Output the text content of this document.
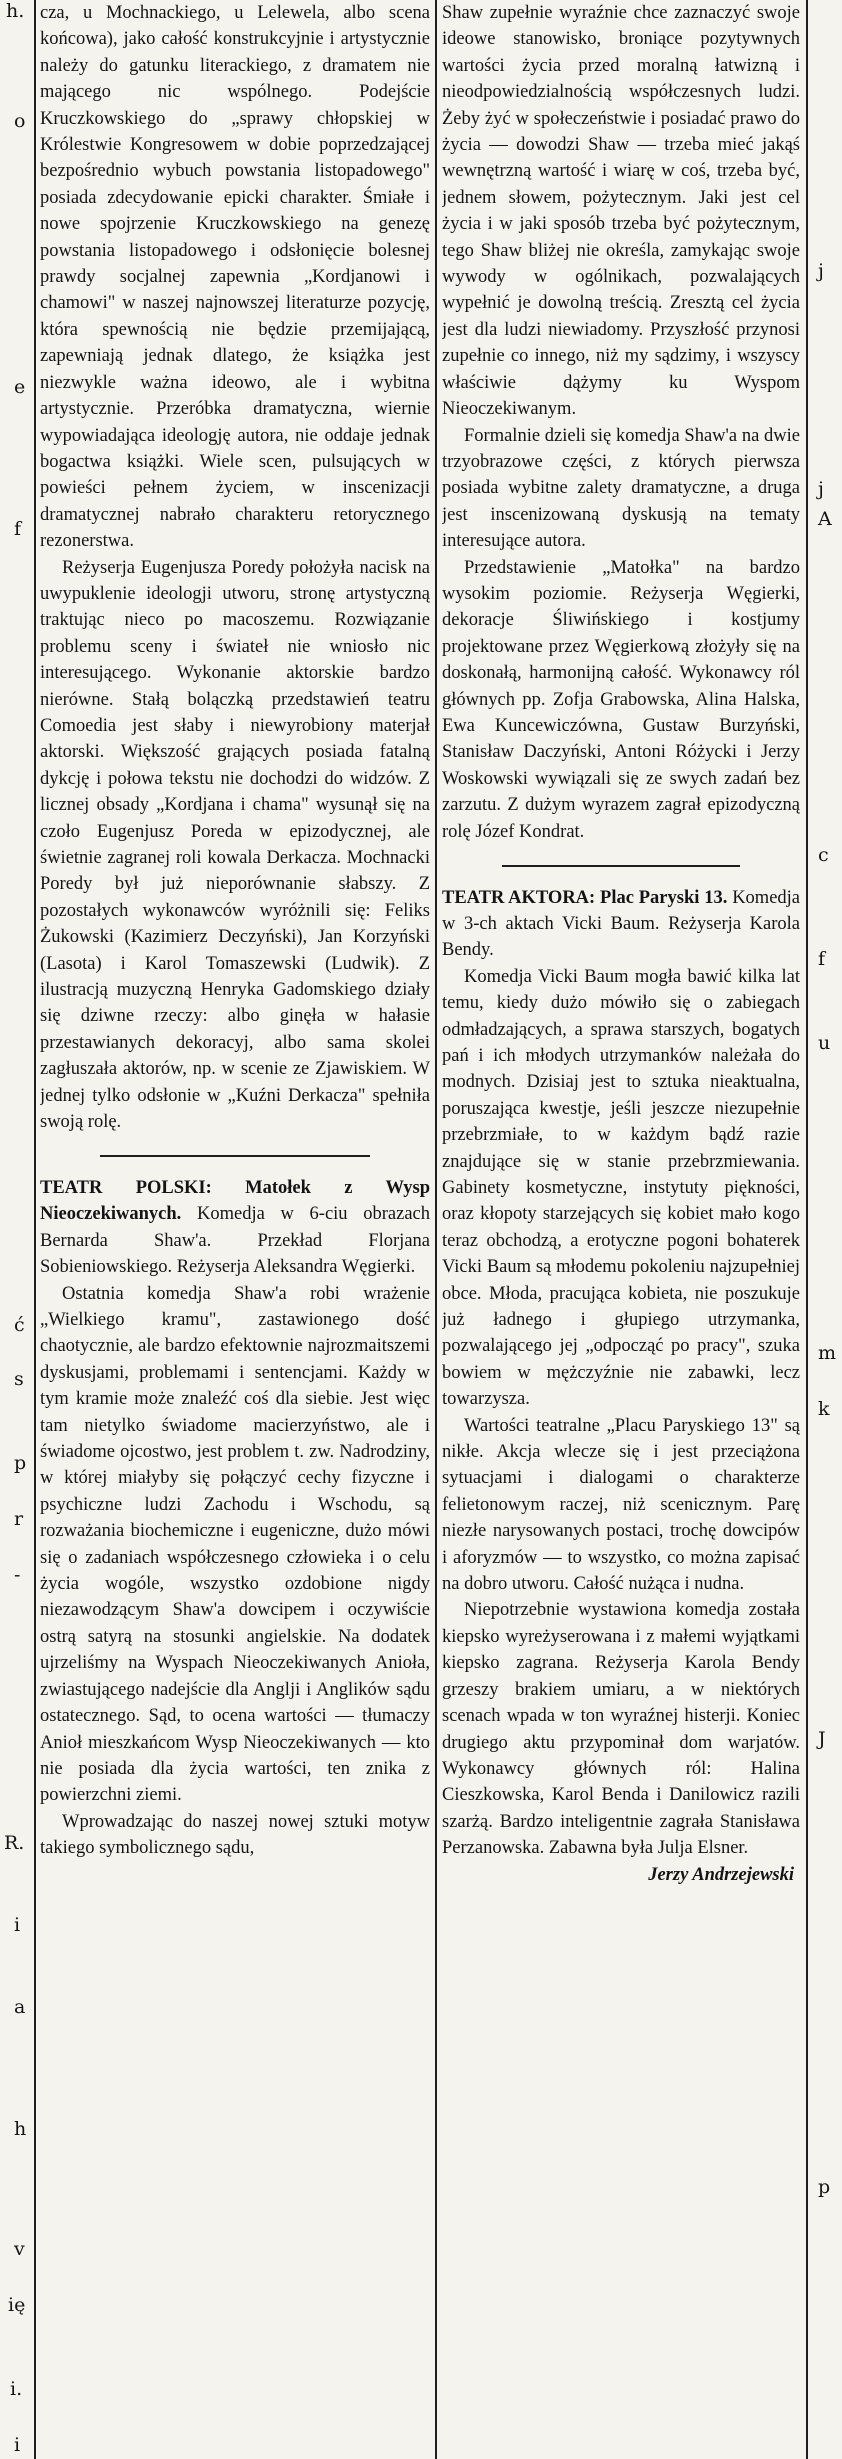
h.
o
e
f
ć
s
p
r
-
R.
i
a
h
v
ię
i.
i

cza, u Mochnackiego, u Lelewela, albo scena końcowa), jako całość konstrukcyjnie i artystycznie należy do gatunku literackiego, z dramatem nie mającego nic wspólnego. Podejście Kruczkowskiego do „sprawy chłopskiej w Królestwie Kongresowem w dobie poprzedzającej bezpośrednio wybuch powstania listopadowego" posiada zdecydowanie epicki charakter. Śmiałe i nowe spojrzenie Kruczkowskiego na genezę powstania listopadowego i odsłonięcie bolesnej prawdy socjalnej zapewnia „Kordjanowi i chamowi" w naszej najnowszej literaturze pozycję, która spewnością nie będzie przemijającą, zapewniają jednak dlatego, że książka jest niezwykle ważna ideowo, ale i wybitna artystycznie. Przeróbka dramatyczna, wiernie wypowiadająca ideologję autora, nie oddaje jednak bogactwa książki. Wiele scen, pulsujących w powieści pełnem życiem, w inscenizacji dramatycznej nabrało charakteru retorycznego rezonerstwa.

Reżyserja Eugenjusza Poredy położyła nacisk na uwypuklenie ideologji utworu, stronę artystyczną traktując nieco po macoszemu. Rozwiązanie problemu sceny i świateł nie wniosło nic interesującego. Wykonanie aktorskie bardzo nierówne. Stałą bolączką przedstawień teatru Comoedia jest słaby i niewyrobiony materjał aktorski. Większość grających posiada fatalną dykcję i połowa tekstu nie dochodzi do widzów. Z licznej obsady „Kordjana i chama" wysunął się na czoło Eugenjusz Poreda w epizodycznej, ale świetnie zagranej roli kowala Derkacza. Mochnacki Poredy był już nieporównanie słabszy. Z pozostałych wykonawców wyróżnili się: Feliks Żukowski (Kazimierz Deczyński), Jan Korzyński (Lasota) i Karol Tomaszewski (Ludwik). Z ilustracją muzyczną Henryka Gadomskiego działy się dziwne rzeczy: albo ginęła w hałasie przestawianych dekoracyj, albo sama skolei zagłuszała aktorów, np. w scenie ze Zjawiskiem. W jednej tylko odsłonie w „Kuźni Derkacza" spełniła swoją rolę.

TEATR POLSKI: Matołek z Wysp Nieoczekiwanych. Komedja w 6-ciu obrazach Bernarda Shaw'a. Przekład Florjana Sobieniowskiego. Reżyserja Aleksandra Węgierki.

Ostatnia komedja Shaw'a robi wrażenie „Wielkiego kramu", zastawionego dość chaotycznie, ale bardzo efektownie najrozmaitszemi dyskusjami, problemami i sentencjami. Każdy w tym kramie może znaleźć coś dla siebie. Jest więc tam nietylko świadome macierzyństwo, ale i świadome ojcostwo, jest problem t. zw. Nadrodziny, w której miałyby się połączyć cechy fizyczne i psychiczne ludzi Zachodu i Wschodu, są rozważania biochemiczne i eugeniczne, dużo mówi się o zadaniach współczesnego człowieka i o celu życia wogóle, wszystko ozdobione nigdy niezawodzącym Shaw'a dowcipem i oczywiście ostrą satyrą na stosunki angielskie. Na dodatek ujrzeliśmy na Wyspach Nieoczekiwanych Anioła, zwiastującego nadejście dla Anglji i Anglików sądu ostatecznego. Sąd, to ocena wartości — tłumaczy Anioł mieszkańcom Wysp Nieoczekiwanych — kto nie posiada dla życia wartości, ten znika z powierzchni ziemi.

Wprowadzając do naszej nowej sztuki motyw takiego symbolicznego sądu,

Shaw zupełnie wyraźnie chce zaznaczyć swoje ideowe stanowisko, broniące pozytywnych wartości życia przed moralną łatwizną i nieodpowiedzialnością współczesnych ludzi. Żeby żyć w społeczeństwie i posiadać prawo do życia — dowodzi Shaw — trzeba mieć jakąś wewnętrzną wartość i wiarę w coś, trzeba być, jednem słowem, pożytecznym. Jaki jest cel życia i w jaki sposób trzeba być pożytecznym, tego Shaw bliżej nie określa, zamykając swoje wywody w ogólnikach, pozwalających wypełnić je dowolną treścią. Zresztą cel życia jest dla ludzi niewiadomy. Przyszłość przynosi zupełnie co innego, niż my sądzimy, i wszyscy właściwie dążymy ku Wyspom Nieoczekiwanym.

Formalnie dzieli się komedja Shaw'a na dwie trzyobrazowe części, z których pierwsza posiada wybitne zalety dramatyczne, a druga jest inscenizowaną dyskusją na tematy interesujące autora.

Przedstawienie „Matołka" na bardzo wysokim poziomie. Reżyserja Węgierki, dekoracje Śliwińskiego i kostjumy projektowane przez Węgierkową złożyły się na doskonałą, harmonijną całość. Wykonawcy ról głównych pp. Zofja Grabowska, Alina Halska, Ewa Kuncewiczówna, Gustaw Burzyński, Stanisław Daczyński, Antoni Różycki i Jerzy Woskowski wywiązali się ze swych zadań bez zarzutu. Z dużym wyrazem zagrał epizodyczną rolę Józef Kondrat.

TEATR AKTORA: Plac Paryski 13. Komedja w 3-ch aktach Vicki Baum. Reżyserja Karola Bendy.

Komedja Vicki Baum mogła bawić kilka lat temu, kiedy dużo mówiło się o zabiegach odmładzających, a sprawa starszych, bogatych pań i ich młodych utrzymanków należała do modnych. Dzisiaj jest to sztuka nieaktualna, poruszająca kwestje, jeśli jeszcze niezupełnie przebrzmiałe, to w każdym bądź razie znajdujące się w stanie przebrzmiewania. Gabinety kosmetyczne, instytuty piękności, oraz kłopoty starzejących się kobiet mało kogo teraz obchodzą, a erotyczne pogoni bohaterek Vicki Baum są młodemu pokoleniu najzupełniej obce. Młoda, pracująca kobieta, nie poszukuje już ładnego i głupiego utrzymanka, pozwalającego jej „odpocząć po pracy", szuka bowiem w mężczyźnie nie zabawki, lecz towarzysza.

Wartości teatralne „Placu Paryskiego 13" są nikłe. Akcja wlecze się i jest przeciążona sytuacjami i dialogami o charakterze felietonowym raczej, niż scenicznym. Parę niezłe narysowanych postaci, trochę dowcipów i aforyzmów — to wszystko, co można zapisać na dobro utworu. Całość nużąca i nudna.

Niepotrzebnie wystawiona komedja została kiepsko wyreżyserowana i z małemi wyjątkami kiepsko zagrana. Reżyserja Karola Bendy grzeszy brakiem umiaru, a w niektórych scenach wpada w ton wyraźnej histerji. Koniec drugiego aktu przypominał dom warjatów. Wykonawcy głównych ról: Halina Cieszkowska, Karol Benda i Danilowicz razili szarżą. Bardzo inteligentnie zagrała Stanisława Perzanowska. Zabawna była Julja Elsner.

Jerzy Andrzejewski
j
j
A
c
f
u
m
k
J
p
